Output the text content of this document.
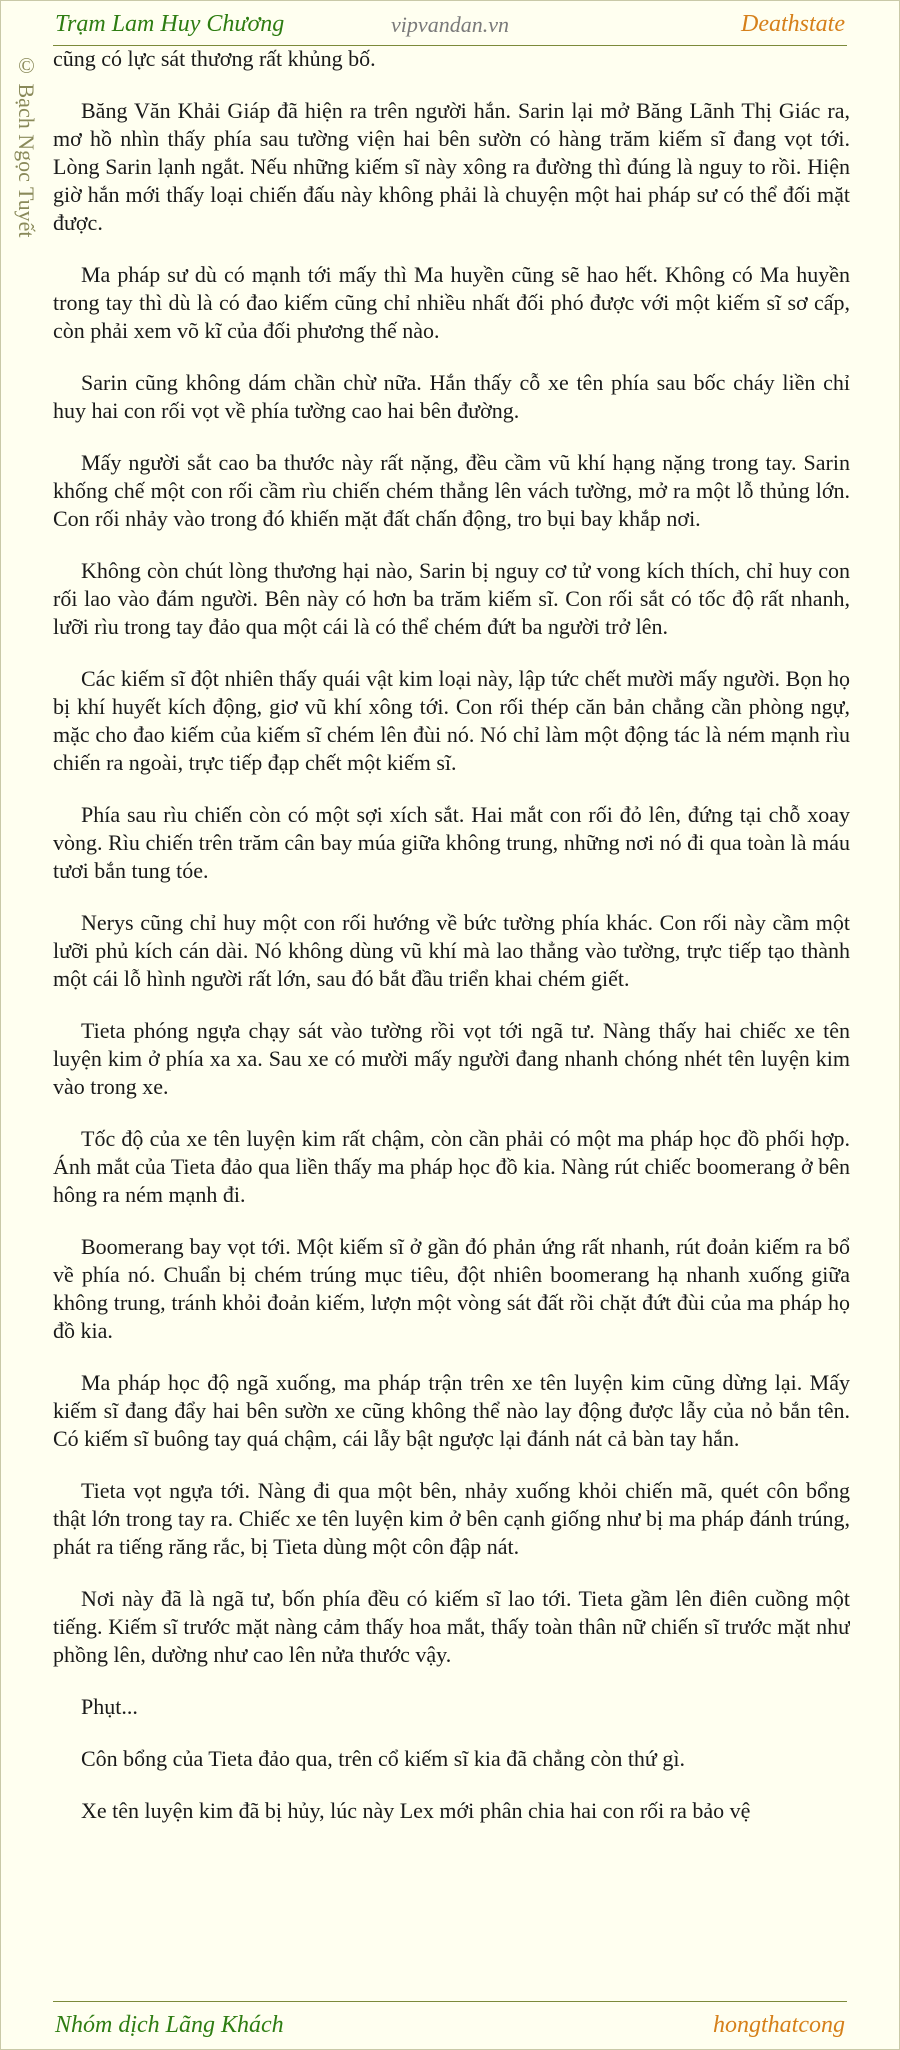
Trạm Lam Huy Chương	vipvandan.vn	Deathstate
© Bạch Ngọc Tuyết cũng có lực sát thương rất khủng bố.

Băng Văn Khải Giáp đã hiện ra trên người hắn. Sarin lại mở Băng Lãnh Thị Giác ra, mơ hồ nhìn thấy phía sau tường viện hai bên sườn có hàng trăm kiếm sĩ đang vọt tới. Lòng Sarin lạnh ngắt. Nếu những kiếm sĩ này xông ra đường thì đúng là nguy to rồi. Hiện giờ hắn mới thấy loại chiến đấu này không phải là chuyện một hai pháp sư có thể đối mặt được.

Ma pháp sư dù có mạnh tới mấy thì Ma huyền cũng sẽ hao hết. Không có Ma huyền trong tay thì dù là có đao kiếm cũng chỉ nhiều nhất đối phó được với một kiếm sĩ sơ cấp, còn phải xem võ kĩ của đối phương thế nào.

Sarin cũng không dám chần chừ nữa. Hắn thấy cỗ xe tên phía sau bốc cháy liền chỉ huy hai con rối vọt về phía tường cao hai bên đường.

Mấy người sắt cao ba thước này rất nặng, đều cầm vũ khí hạng nặng trong tay. Sarin khống chế một con rối cầm rìu chiến chém thẳng lên vách tường, mở ra một lỗ thủng lớn. Con rối nhảy vào trong đó khiến mặt đất chấn động, tro bụi bay khắp nơi.

Không còn chút lòng thương hại nào, Sarin bị nguy cơ tử vong kích thích, chỉ huy con rối lao vào đám người. Bên này có hơn ba trăm kiếm sĩ. Con rối sắt có tốc độ rất nhanh, lưỡi rìu trong tay đảo qua một cái là có thể chém đứt ba người trở lên.

Các kiếm sĩ đột nhiên thấy quái vật kim loại này, lập tức chết mười mấy người. Bọn họ bị khí huyết kích động, giơ vũ khí xông tới. Con rối thép căn bản chẳng cần phòng ngự, mặc cho đao kiếm của kiếm sĩ chém lên đùi nó. Nó chỉ làm một động tác là ném mạnh rìu chiến ra ngoài, trực tiếp đạp chết một kiếm sĩ.

Phía sau rìu chiến còn có một sợi xích sắt. Hai mắt con rối đỏ lên, đứng tại chỗ xoay vòng. Rìu chiến trên trăm cân bay múa giữa không trung, những nơi nó đi qua toàn là máu tươi bắn tung tóe.

Nerys cũng chỉ huy một con rối hướng về bức tường phía khác. Con rối này cầm một lưỡi phủ kích cán dài. Nó không dùng vũ khí mà lao thẳng vào tường, trực tiếp tạo thành một cái lỗ hình người rất lớn, sau đó bắt đầu triển khai chém giết.

Tieta phóng ngựa chạy sát vào tường rồi vọt tới ngã tư. Nàng thấy hai chiếc xe tên luyện kim ở phía xa xa. Sau xe có mười mấy người đang nhanh chóng nhét tên luyện kim vào trong xe.

Tốc độ của xe tên luyện kim rất chậm, còn cần phải có một ma pháp học đồ phối hợp. Ánh mắt của Tieta đảo qua liền thấy ma pháp học đồ kia. Nàng rút chiếc boomerang ở bên hông ra ném mạnh đi.

Boomerang bay vọt tới. Một kiếm sĩ ở gần đó phản ứng rất nhanh, rút đoản kiếm ra bổ về phía nó. Chuẩn bị chém trúng mục tiêu, đột nhiên boomerang hạ nhanh xuống giữa không trung, tránh khỏi đoản kiếm, lượn một vòng sát đất rồi chặt đứt đùi của ma pháp họ đồ kia.

Ma pháp học độ ngã xuống, ma pháp trận trên xe tên luyện kim cũng dừng lại. Mấy kiếm sĩ đang đẩy hai bên sườn xe cũng không thể nào lay động được lẫy của nỏ bắn tên. Có kiếm sĩ buông tay quá chậm, cái lẫy bật ngược lại đánh nát cả bàn tay hắn.

Tieta vọt ngựa tới. Nàng đi qua một bên, nhảy xuống khỏi chiến mã, quét côn bổng thật lớn trong tay ra. Chiếc xe tên luyện kim ở bên cạnh giống như bị ma pháp đánh trúng, phát ra tiếng răng rắc, bị Tieta dùng một côn đập nát.

Nơi này đã là ngã tư, bốn phía đều có kiếm sĩ lao tới. Tieta gầm lên điên cuồng một tiếng. Kiếm sĩ trước mặt nàng cảm thấy hoa mắt, thấy toàn thân nữ chiến sĩ trước mặt như phồng lên, dường như cao lên nửa thước vậy.

Phụt...

Côn bổng của Tieta đảo qua, trên cổ kiếm sĩ kia đã chẳng còn thứ gì.

Xe tên luyện kim đã bị hủy, lúc này Lex mới phân chia hai con rối ra bảo vệ

Nhóm dịch Lãng Khách	hongthatcong
